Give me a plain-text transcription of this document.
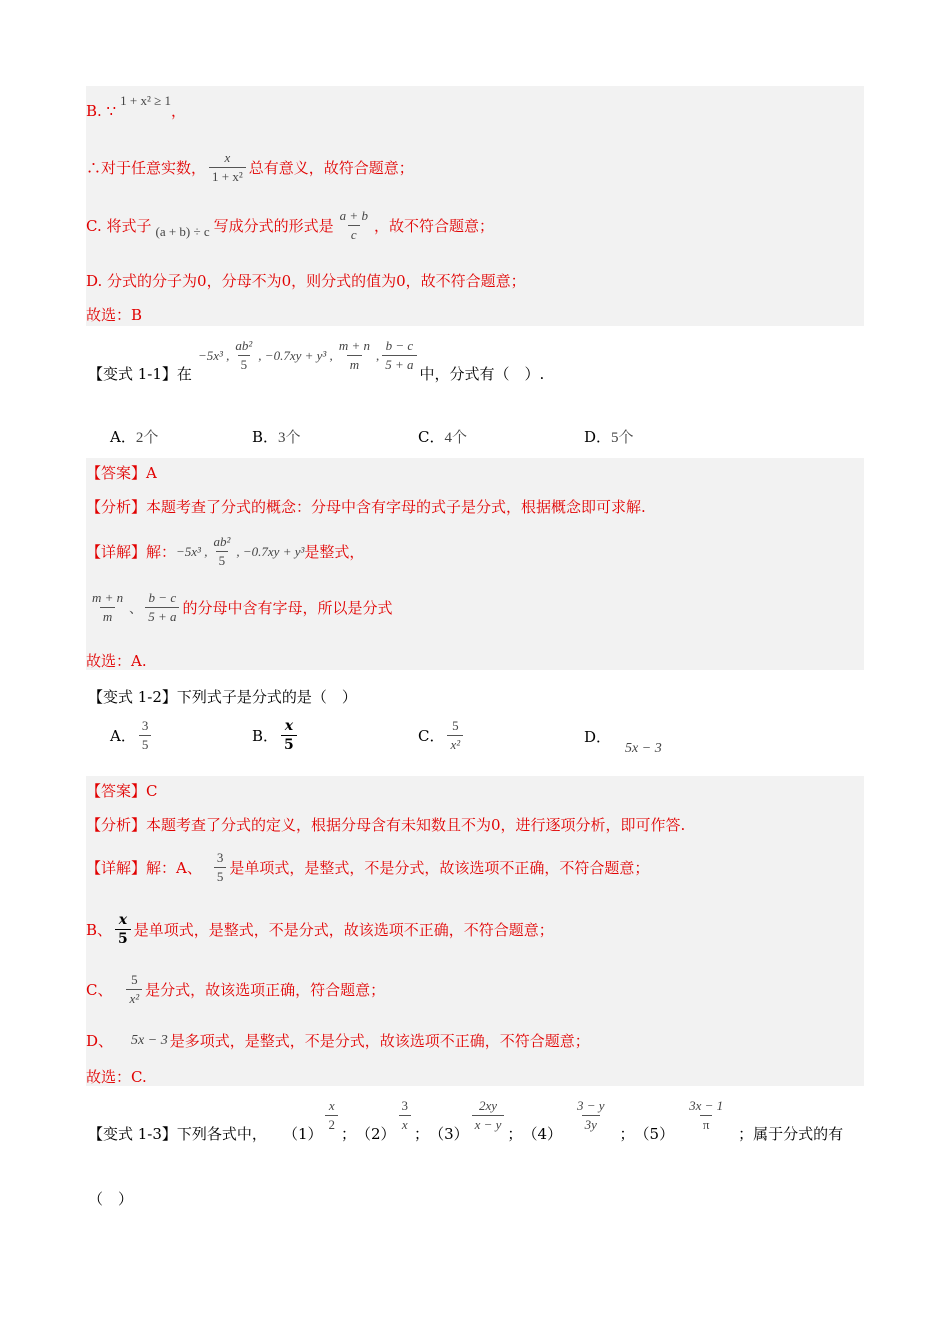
B. ∵
1 + x² ≥ 1
，
∴对于任意实数， $\frac{x}{\text{1 + x²}}$ 总有意义，故符合题意；
C. 将式子 (a + b) ÷ c 写成分式的形式是 $\frac{a + b}{c}$ ，故不符合题意；
D. 分式的分子为0，分母不为0，则分式的值为0，故不符合题意；
故选：B
【变式 1-1】在
−5x³ , $\frac{\text{ab²}}{5}$ , −0.7xy + y³ , $\frac{m + n}{m}$ , $\frac{b - c}{5 + a}$
中，分式有（　）.
A． 2个	B． 3个	C． 4个	D． 5个
【答案】A
【分析】本题考查了分式的概念：分母中含有字母的式子是分式，根据概念即可求解.
【详解】解： −5x³ , $\frac{\text{ab²}}{5}$ , −0.7xy + y³ 是整式，
$\frac{m + n}{m}$ 、 $\frac{b - c}{5 + a}$ 的分母中含有字母，所以是分式
故选：A.
【变式 1-2】下列式子是分式的是（　）
A． $\frac{3}{5}$	B． $\frac{x}{5}$	C． $\frac{5}{\text{x²}}$	D．
5x − 3
【答案】C
【分析】本题考查了分式的定义，根据分母含有未知数且不为0，进行逐项分析，即可作答.
【详解】解：A、 $\frac{3}{5}$ 是单项式，是整式，不是分式，故该选项不正确，不符合题意；
B、 $\frac{x}{5}$ 是单项式，是整式，不是分式，故该选项不正确，不符合题意；
C、 $\frac{5}{\text{x²}}$ 是分式，故该选项正确，符合题意；
D、 5x − 3 是多项式，是整式，不是分式，故该选项不正确，不符合题意；
故选：C.
【变式 1-3】下列各式中， （1）
$\frac{x}{2}$
； （2）
$\frac{3}{x}$
； （3）
$\frac{2xy}{x - y}$
； （4）
$\frac{3 - y}{3y}$
； （5）
$\frac{3x - 1}{\pi}$
； 属于分式的有
（　）
